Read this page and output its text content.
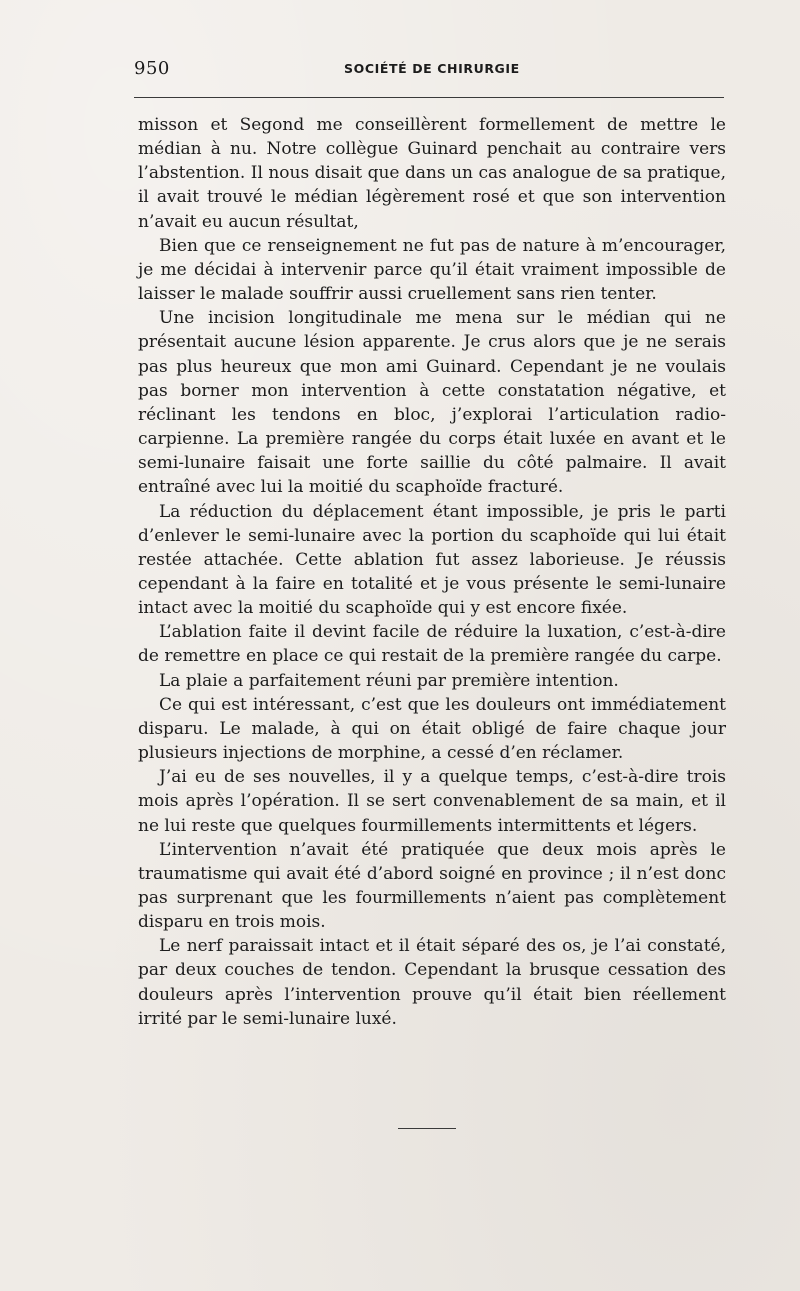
950	SOCIÉTÉ DE CHIRURGIE

misson et Segond me conseillèrent formellement de mettre le médian à nu. Notre collègue Guinard penchait au contraire vers l’abstention. Il nous disait que dans un cas analogue de sa pratique, il avait trouvé le médian légèrement rosé et que son intervention n’avait eu aucun résultat,

Bien que ce renseignement ne fut pas de nature à m’encourager, je me décidai à intervenir parce qu’il était vraiment impossible de laisser le malade souffrir aussi cruellement sans rien tenter.

Une incision longitudinale me mena sur le médian qui ne présentait aucune lésion apparente. Je crus alors que je ne serais pas plus heureux que mon ami Guinard. Cependant je ne voulais pas borner mon intervention à cette constatation négative, et réclinant les tendons en bloc, j’explorai l’articulation radio-carpienne. La première rangée du corps était luxée en avant et le semi-lunaire faisait une forte saillie du côté palmaire. Il avait entraîné avec lui la moitié du scaphoïde fracturé.

La réduction du déplacement étant impossible, je pris le parti d’enlever le semi-lunaire avec la portion du scaphoïde qui lui était restée attachée. Cette ablation fut assez laborieuse. Je réussis cependant à la faire en totalité et je vous présente le semi-lunaire intact avec la moitié du scaphoïde qui y est encore fixée.

L’ablation faite il devint facile de réduire la luxation, c’est-à-dire de remettre en place ce qui restait de la première rangée du carpe.

La plaie a parfaitement réuni par première intention.

Ce qui est intéressant, c’est que les douleurs ont immédiatement disparu. Le malade, à qui on était obligé de faire chaque jour plusieurs injections de morphine, a cessé d’en réclamer.

J’ai eu de ses nouvelles, il y a quelque temps, c’est-à-dire trois mois après l’opération. Il se sert convenablement de sa main, et il ne lui reste que quelques fourmillements intermittents et légers.

L’intervention n’avait été pratiquée que deux mois après le traumatisme qui avait été d’abord soigné en province ; il n’est donc pas surprenant que les fourmillements n’aient pas complètement disparu en trois mois.

Le nerf paraissait intact et il était séparé des os, je l’ai constaté, par deux couches de tendon. Cependant la brusque cessation des douleurs après l’intervention prouve qu’il était bien réellement irrité par le semi-lunaire luxé.
